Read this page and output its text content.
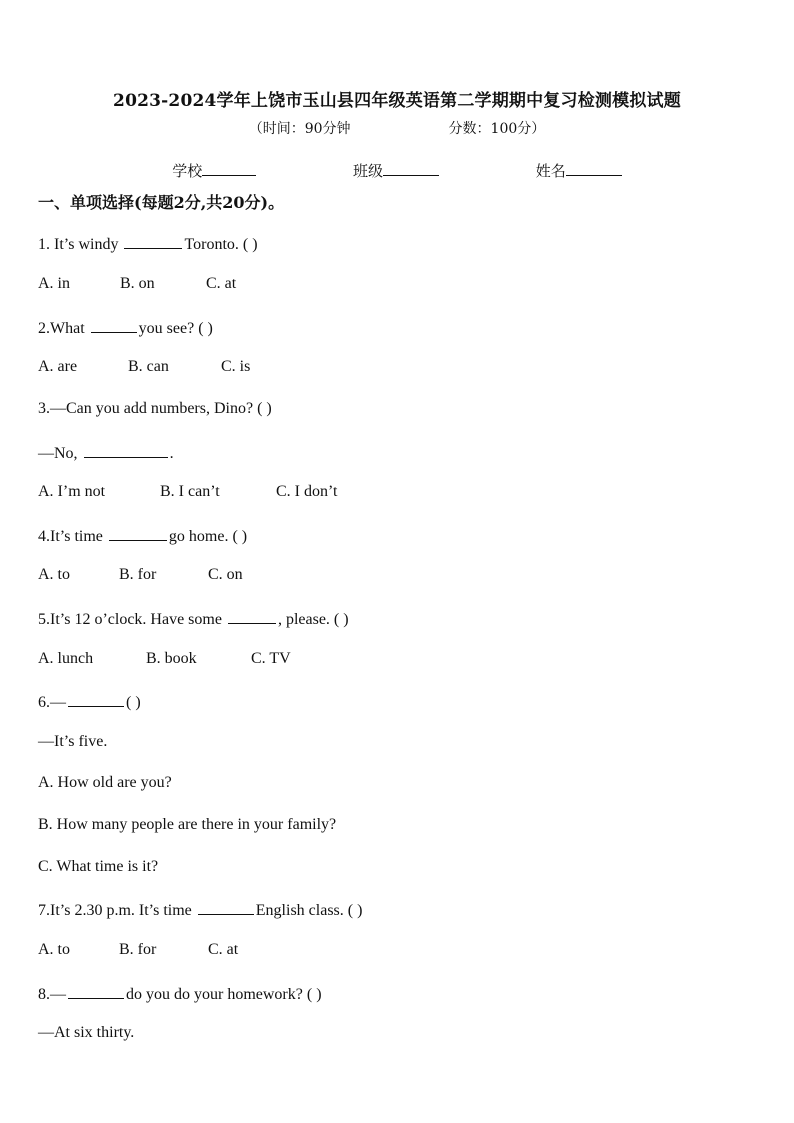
2023-2024学年上饶市玉山县四年级英语第二学期期中复习检测模拟试题
（时间：90分钟	分数：100分）
学校	班级	姓名
一、单项选择(每题2分,共20分)。
1. It’s windy	Toronto. ( )
A. in	B. on	C. at
2.What	you see? ( )
A. are	B. can	C. is
3.—Can you add numbers, Dino? ( )
—No,	.
A. I’m not	B. I can’t	C. I don’t
4.It’s time	go home. ( )
A. to	B. for	C. on
5.It’s 12 o’clock. Have some	, please. ( )
A. lunch	B. book	C. TV
6.—	( )
—It’s five.
A. How old are you?
B. How many people are there in your family?
C. What time is it?
7.It’s 2.30 p.m. It’s time	English class. ( )
A. to	B. for	C. at
8.—	do you do your homework? ( )
—At six thirty.
